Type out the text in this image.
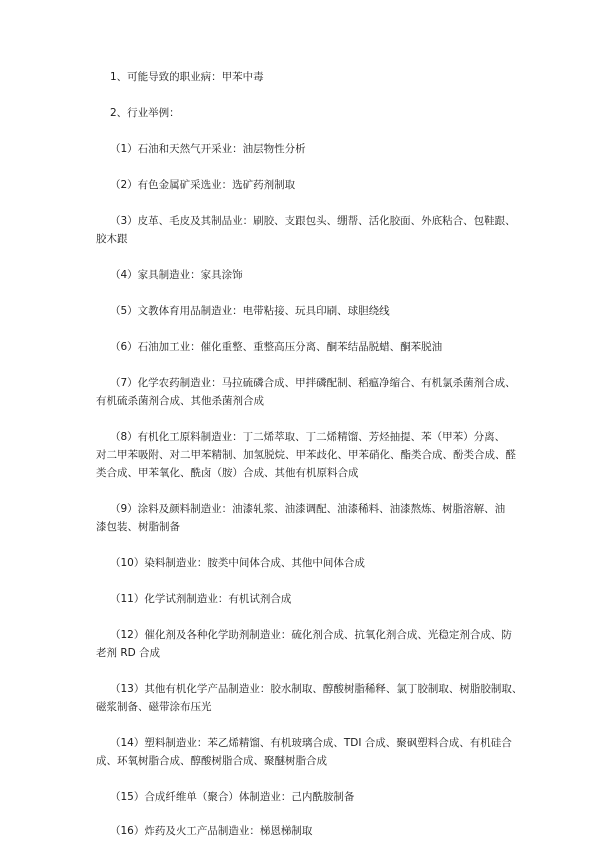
1、可能导致的职业病：甲苯中毒

2、行业举例：

（1）石油和天然气开采业：油层物性分析

（2）有色金属矿采选业：选矿药剂制取

（3）皮革、毛皮及其制品业：刷胶、支跟包头、绷帮、活化胶面、外底粘合、包鞋跟、
胶木跟

（4）家具制造业：家具涂饰

（5）文教体育用品制造业：电带粘接、玩具印刷、球胆绕线

（6）石油加工业：催化重整、重整高压分离、酮苯结晶脱蜡、酮苯脱油

（7）化学农药制造业：马拉硫磷合成、甲拌磷配制、稻瘟净缩合、有机氯杀菌剂合成、
有机硫杀菌剂合成、其他杀菌剂合成

（8）有机化工原料制造业：丁二烯萃取、丁二烯精馏、芳烃抽提、苯（甲苯）分离、
对二甲苯吸附、对二甲苯精制、加氢脱烷、甲苯歧化、甲苯硝化、酯类合成、酚类合成、醛
类合成、甲苯氧化、酰卤（胺）合成、其他有机原料合成

（9）涂料及颜料制造业：油漆轧浆、油漆调配、油漆稀料、油漆熬炼、树脂溶解、油
漆包装、树脂制备

（10）染料制造业：胺类中间体合成、其他中间体合成

（11）化学试剂制造业：有机试剂合成

（12）催化剂及各种化学助剂制造业：硫化剂合成、抗氧化剂合成、光稳定剂合成、防
老剂 RD 合成

（13）其他有机化学产品制造业：胶水制取、醇酸树脂稀释、氯丁胶制取、树脂胶制取、
磁浆制备、磁带涂布压光

（14）塑料制造业：苯乙烯精馏、有机玻璃合成、TDI 合成、聚砜塑料合成、有机硅合
成、环氧树脂合成、醇酸树脂合成、聚醚树脂合成

（15）合成纤维单（聚合）体制造业：己内酰胺制备

（16）炸药及火工产品制造业：梯恩梯制取
